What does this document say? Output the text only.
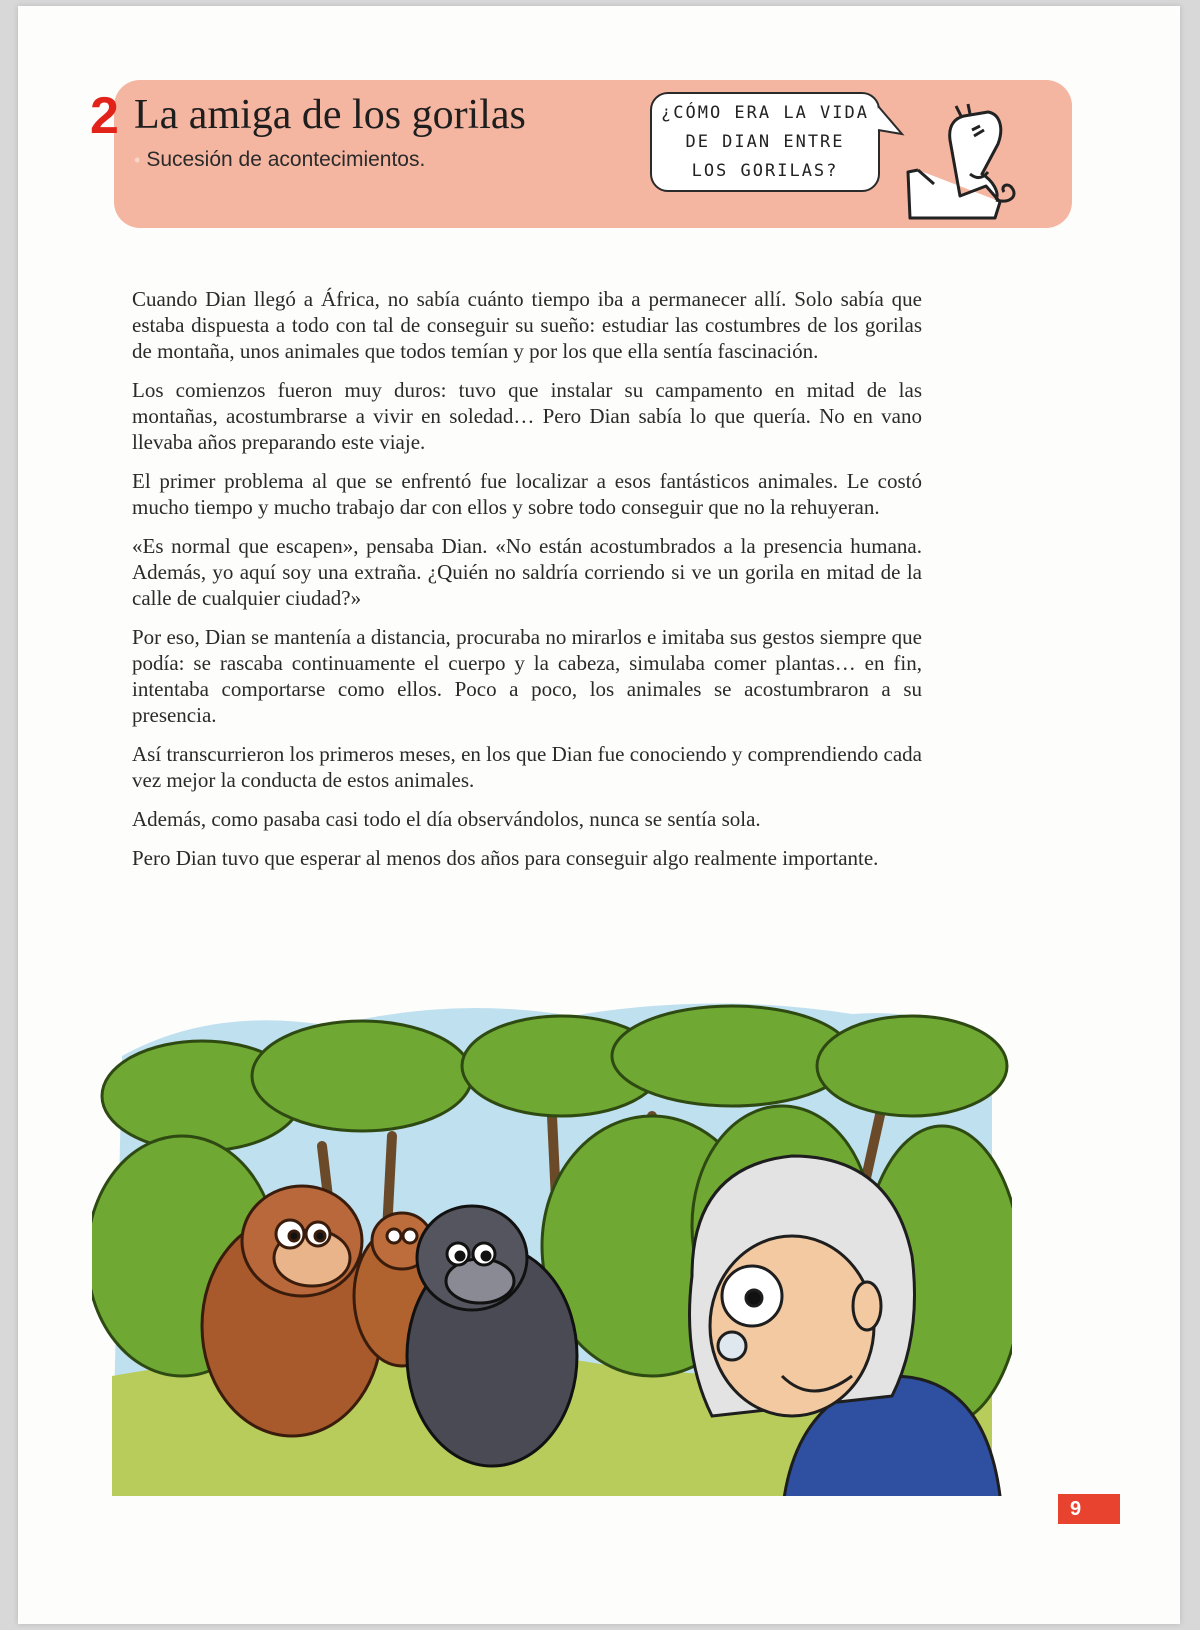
2 La amiga de los gorilas
• Sucesión de acontecimientos.
¿CÓMO ERA LA VIDA
DE DIAN ENTRE
LOS GORILAS?

Cuando Dian llegó a África, no sabía cuánto tiempo iba a permanecer allí. Solo sabía que estaba dispuesta a todo con tal de conseguir su sueño: estudiar las costumbres de los gorilas de montaña, unos animales que todos temían y por los que ella sentía fascinación.

Los comienzos fueron muy duros: tuvo que instalar su campamento en mitad de las montañas, acostumbrarse a vivir en soledad… Pero Dian sabía lo que quería. No en vano llevaba años preparando este viaje.

El primer problema al que se enfrentó fue localizar a esos fantásticos animales. Le costó mucho tiempo y mucho trabajo dar con ellos y sobre todo conseguir que no la rehuyeran.

«Es normal que escapen», pensaba Dian. «No están acostumbrados a la presencia humana. Además, yo aquí soy una extraña. ¿Quién no saldría corriendo si ve un gorila en mitad de la calle de cualquier ciudad?»

Por eso, Dian se mantenía a distancia, procuraba no mirarlos e imitaba sus gestos siempre que podía: se rascaba continuamente el cuerpo y la cabeza, simulaba comer plantas… en fin, intentaba comportarse como ellos. Poco a poco, los animales se acostumbraron a su presencia.

Así transcurrieron los primeros meses, en los que Dian fue conociendo y comprendiendo cada vez mejor la conducta de estos animales.

Además, como pasaba casi todo el día observándolos, nunca se sentía sola.

Pero Dian tuvo que esperar al menos dos años para conseguir algo realmente importante.

9
